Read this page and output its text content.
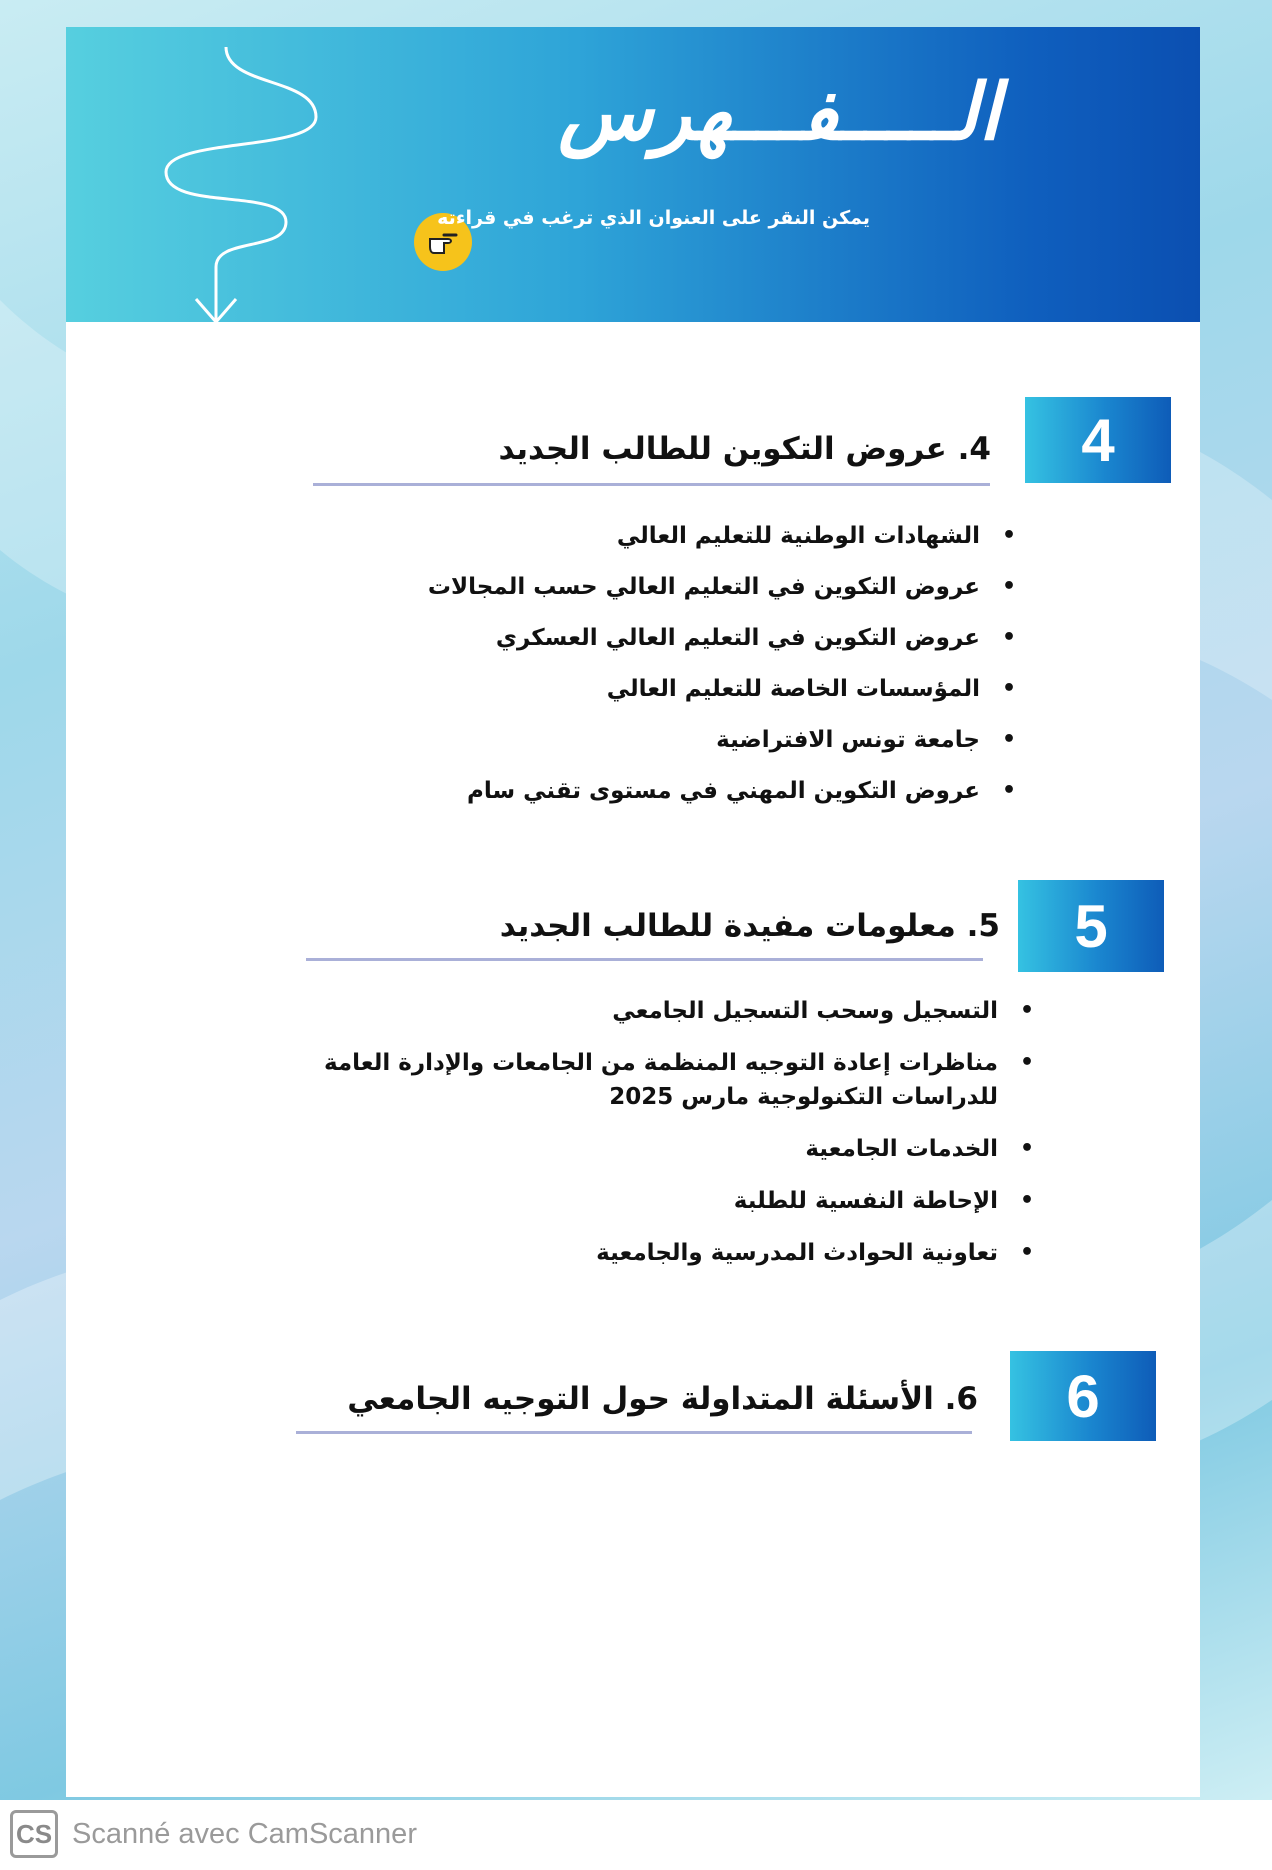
الـــــفـــهرس
يمكن النقر على العنوان الذي ترغب في قراءته
4
4. عروض التكوين للطالب الجديد
•
الشهادات الوطنية للتعليم العالي
•
عروض التكوين في التعليم العالي حسب المجالات
•
عروض التكوين في التعليم العالي العسكري
•
المؤسسات الخاصة للتعليم العالي
•
جامعة تونس الافتراضية
•
عروض التكوين المهني في مستوى تقني سام
5
5. معلومات مفيدة للطالب الجديد
•
التسجيل وسحب التسجيل الجامعي
•
مناظرات إعادة التوجيه المنظمة من الجامعات والإدارة العامة للدراسات التكنولوجية مارس 2025
•
الخدمات الجامعية
•
الإحاطة النفسية للطلبة
•
تعاونية الحوادث المدرسية والجامعية
6
6. الأسئلة المتداولة حول التوجيه الجامعي
CS Scanné avec CamScanner
